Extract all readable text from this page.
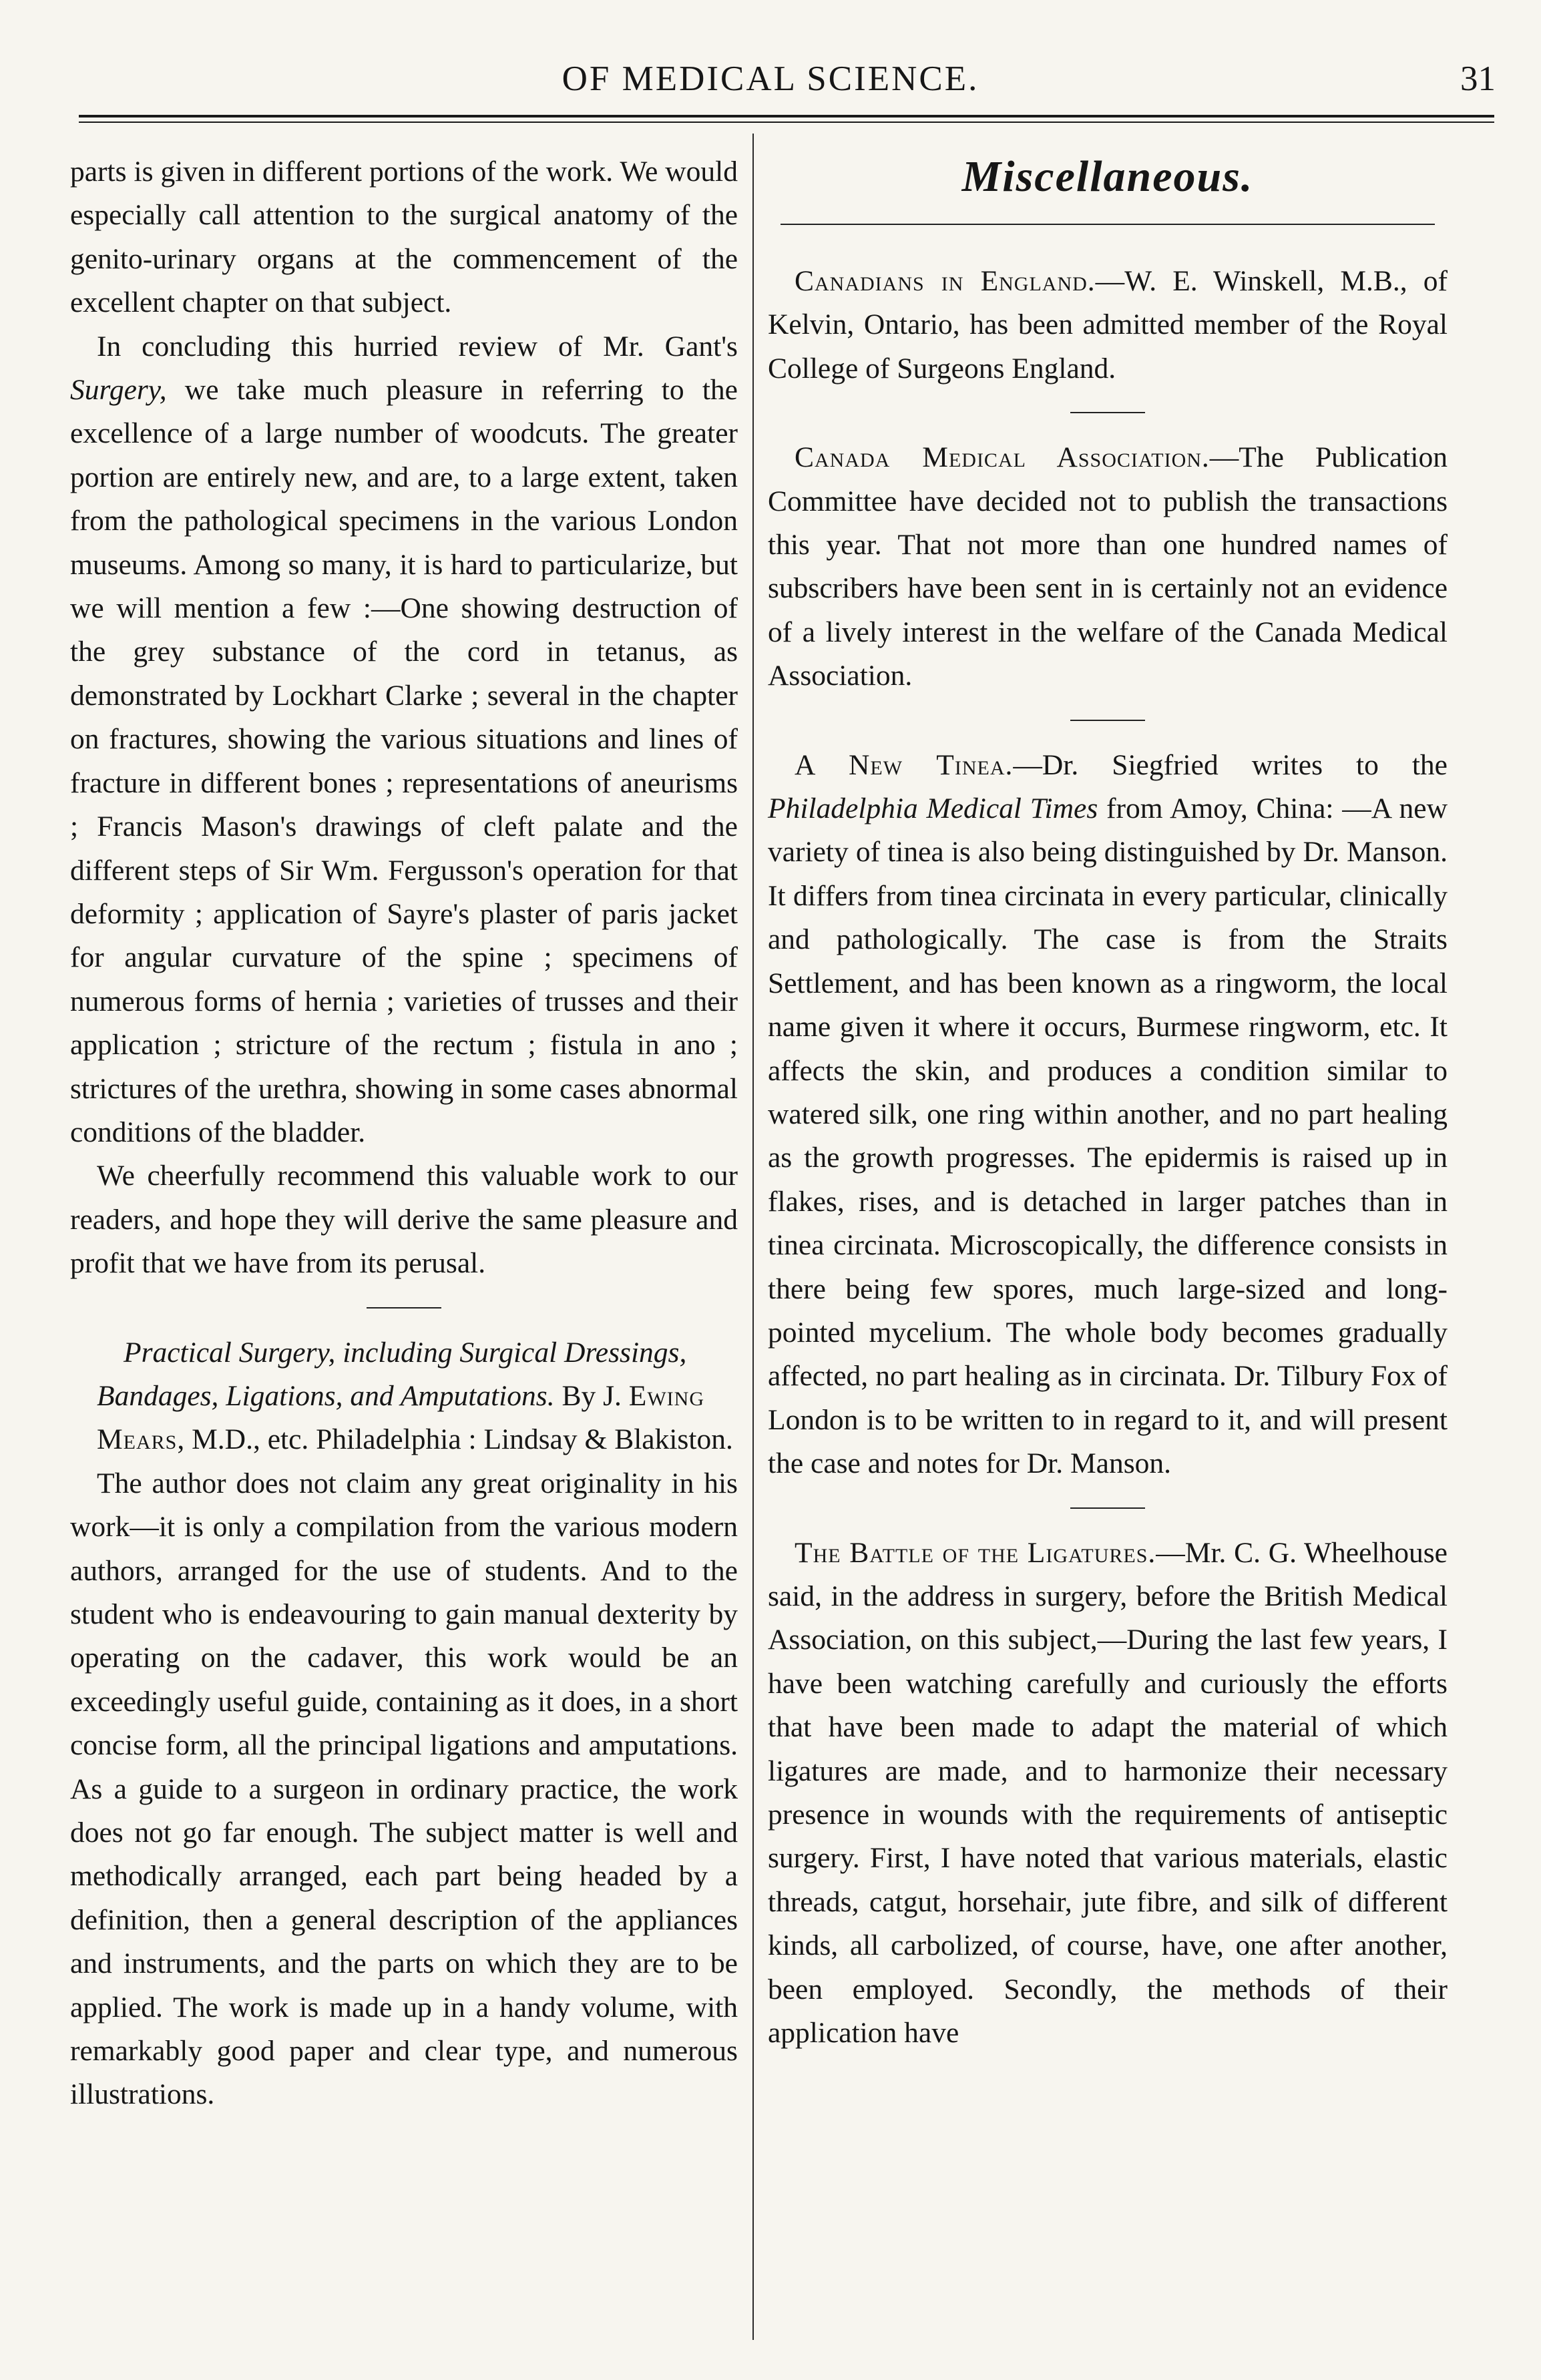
OF MEDICAL SCIENCE.	31

parts is given in different portions of the work. We would especially call attention to the surgical anatomy of the genito-urinary organs at the commencement of the excellent chapter on that subject.

In concluding this hurried review of Mr. Gant's Surgery, we take much pleasure in referring to the excellence of a large number of woodcuts. The greater portion are entirely new, and are, to a large extent, taken from the pathological specimens in the various London museums. Among so many, it is hard to particularize, but we will mention a few :—One showing destruction of the grey substance of the cord in tetanus, as demonstrated by Lockhart Clarke ; several in the chapter on fractures, showing the various situations and lines of fracture in different bones ; representations of aneurisms ; Francis Mason's drawings of cleft palate and the different steps of Sir Wm. Fergusson's operation for that deformity ; application of Sayre's plaster of paris jacket for angular curvature of the spine ; specimens of numerous forms of hernia ; varieties of trusses and their application ; stricture of the rectum ; fistula in ano ; strictures of the urethra, showing in some cases abnormal conditions of the bladder.

We cheerfully recommend this valuable work to our readers, and hope they will derive the same pleasure and profit that we have from its perusal.

Practical Surgery, including Surgical Dressings, Bandages, Ligations, and Amputations. By J. Ewing Mears, M.D., etc. Philadelphia : Lindsay & Blakiston.

The author does not claim any great originality in his work—it is only a compilation from the various modern authors, arranged for the use of students. And to the student who is endeavouring to gain manual dexterity by operating on the cadaver, this work would be an exceedingly useful guide, containing as it does, in a short concise form, all the principal ligations and amputations. As a guide to a surgeon in ordinary practice, the work does not go far enough. The subject matter is well and methodically arranged, each part being headed by a definition, then a general description of the appliances and instruments, and the parts on which they are to be applied. The work is made up in a handy volume, with remarkably good paper and clear type, and numerous illustrations.

Miscellaneous.

Canadians in England.—W. E. Winskell, M.B., of Kelvin, Ontario, has been admitted member of the Royal College of Surgeons England.

Canada Medical Association.—The Publication Committee have decided not to publish the transactions this year. That not more than one hundred names of subscribers have been sent in is certainly not an evidence of a lively interest in the welfare of the Canada Medical Association.

A New Tinea.—Dr. Siegfried writes to the Philadelphia Medical Times from Amoy, China: —A new variety of tinea is also being distinguished by Dr. Manson. It differs from tinea circinata in every particular, clinically and pathologically. The case is from the Straits Settlement, and has been known as a ringworm, the local name given it where it occurs, Burmese ringworm, etc. It affects the skin, and produces a condition similar to watered silk, one ring within another, and no part healing as the growth progresses. The epidermis is raised up in flakes, rises, and is detached in larger patches than in tinea circinata. Microscopically, the difference consists in there being few spores, much large-sized and long-pointed mycelium. The whole body becomes gradually affected, no part healing as in circinata. Dr. Tilbury Fox of London is to be written to in regard to it, and will present the case and notes for Dr. Manson.

The Battle of the Ligatures.—Mr. C. G. Wheelhouse said, in the address in surgery, before the British Medical Association, on this subject,—During the last few years, I have been watching carefully and curiously the efforts that have been made to adapt the material of which ligatures are made, and to harmonize their necessary presence in wounds with the requirements of antiseptic surgery. First, I have noted that various materials, elastic threads, catgut, horsehair, jute fibre, and silk of different kinds, all carbolized, of course, have, one after another, been employed. Secondly, the methods of their application have
